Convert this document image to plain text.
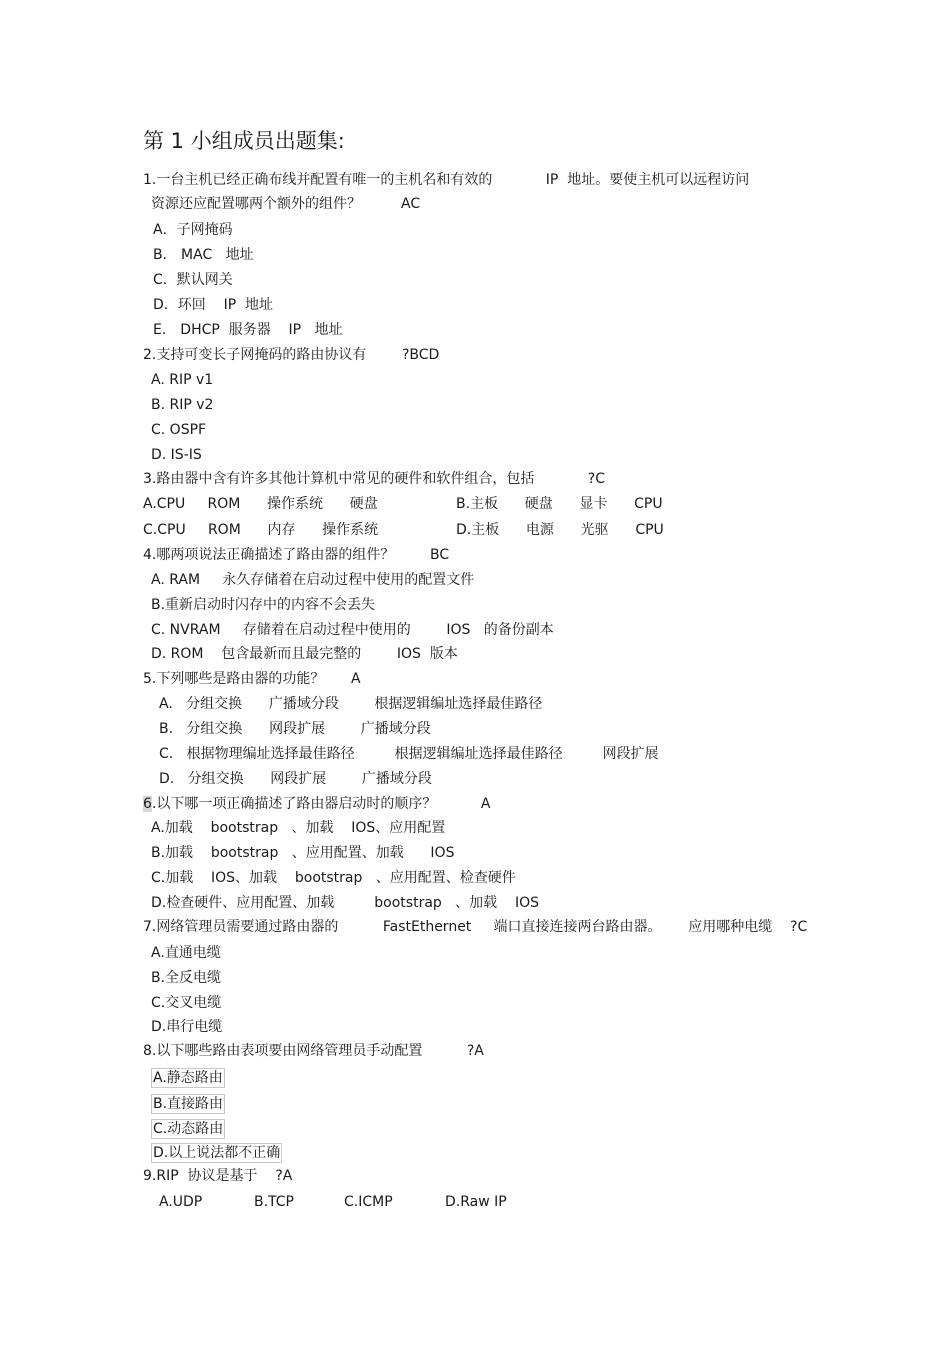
第 1 小组成员出题集:
1.一台主机已经正确布线并配置有唯一的主机名和有效的            IP  地址。要使主机可以远程访问
资源还应配置哪两个额外的组件？         AC
A．子网掩码
B． MAC   地址
C．默认网关
D．环回    IP  地址
E． DHCP  服务器    IP   地址
2.支持可变长子网掩码的路由协议有        ?BCD
A. RIP v1
B. RIP v2
C. OSPF
D. IS-IS
3.路由器中含有许多其他计算机中常见的硬件和软件组合，包括            ?C
A.CPU     ROM      操作系统      硬盘	B.主板      硬盘      显卡      CPU
C.CPU     ROM      内存      操作系统	D.主板      电源      光驱      CPU
4.哪两项说法正确描述了路由器的组件？        BC
A. RAM     永久存储着在启动过程中使用的配置文件
B.重新启动时闪存中的内容不会丢失
C. NVRAM     存储着在启动过程中使用的        IOS   的备份副本
D. ROM    包含最新而且最完整的        IOS  版本
5.下列哪些是路由器的功能？      A
A.   分组交换      广播域分段        根据逻辑编址选择最佳路径
B.   分组交换      网段扩展        广播域分段
C.   根据物理编址选择最佳路径         根据逻辑编址选择最佳路径         网段扩展
D.   分组交换      网段扩展        广播域分段
6.以下哪一项正确描述了路由器启动时的顺序？          A
A.加载    bootstrap   、加载    IOS、应用配置
B.加载    bootstrap   、应用配置、加载      IOS
C.加载    IOS、加载    bootstrap   、应用配置、检查硬件
D.检查硬件、应用配置、加载         bootstrap   、加载    IOS
7.网络管理员需要通过路由器的          FastEthernet     端口直接连接两台路由器。      应用哪种电缆    ?C
A.直通电缆
B.全反电缆
C.交叉电缆
D.串行电缆
8.以下哪些路由表项要由网络管理员手动配置          ?A
A.静态路由
B.直接路由
C.动态路由
D.以上说法都不正确
9.RIP  协议是基于    ?A
A.UDP	B.TCP	C.ICMP	D.Raw IP
